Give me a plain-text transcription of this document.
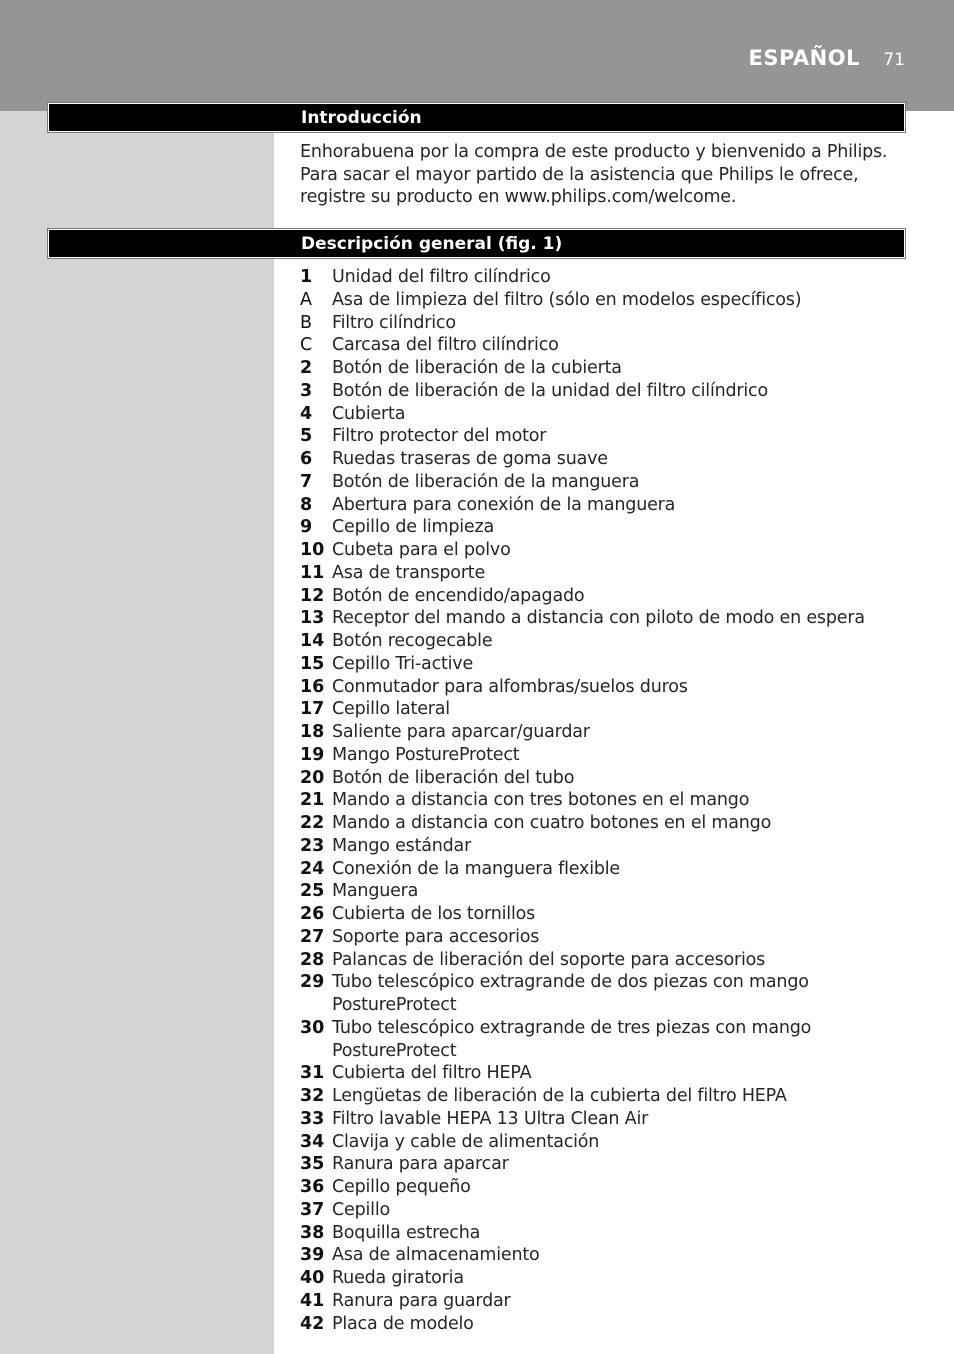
ESPAÑOL 71
Introducción
Enhorabuena por la compra de este producto y bienvenido a Philips. Para sacar el mayor partido de la asistencia que Philips le ofrece, registre su producto en www.philips.com/welcome.
Descripción general (fig. 1)
1	Unidad del filtro cilíndrico
A	Asa de limpieza del filtro (sólo en modelos específicos)
B	Filtro cilíndrico
C	Carcasa del filtro cilíndrico
2	Botón de liberación de la cubierta
3	Botón de liberación de la unidad del filtro cilíndrico
4	Cubierta
5	Filtro protector del motor
6	Ruedas traseras de goma suave
7	Botón de liberación de la manguera
8	Abertura para conexión de la manguera
9	Cepillo de limpieza
10 Cubeta para el polvo
11 Asa de transporte
12 Botón de encendido/apagado
13 Receptor del mando a distancia con piloto de modo en espera
14 Botón recogecable
15 Cepillo Tri-active
16 Conmutador para alfombras/suelos duros
17 Cepillo lateral
18 Saliente para aparcar/guardar
19 Mango PostureProtect
20 Botón de liberación del tubo
21 Mando a distancia con tres botones en el mango
22 Mando a distancia con cuatro botones en el mango
23 Mango estándar
24 Conexión de la manguera flexible
25 Manguera
26 Cubierta de los tornillos
27 Soporte para accesorios
28 Palancas de liberación del soporte para accesorios
29 Tubo telescópico extragrande de dos piezas con mango PostureProtect
30 Tubo telescópico extragrande de tres piezas con mango PostureProtect
31 Cubierta del filtro HEPA
32 Lengüetas de liberación de la cubierta del filtro HEPA
33 Filtro lavable HEPA 13 Ultra Clean Air
34 Clavija y cable de alimentación
35 Ranura para aparcar
36 Cepillo pequeño
37 Cepillo
38 Boquilla estrecha
39 Asa de almacenamiento
40 Rueda giratoria
41 Ranura para guardar
42 Placa de modelo
